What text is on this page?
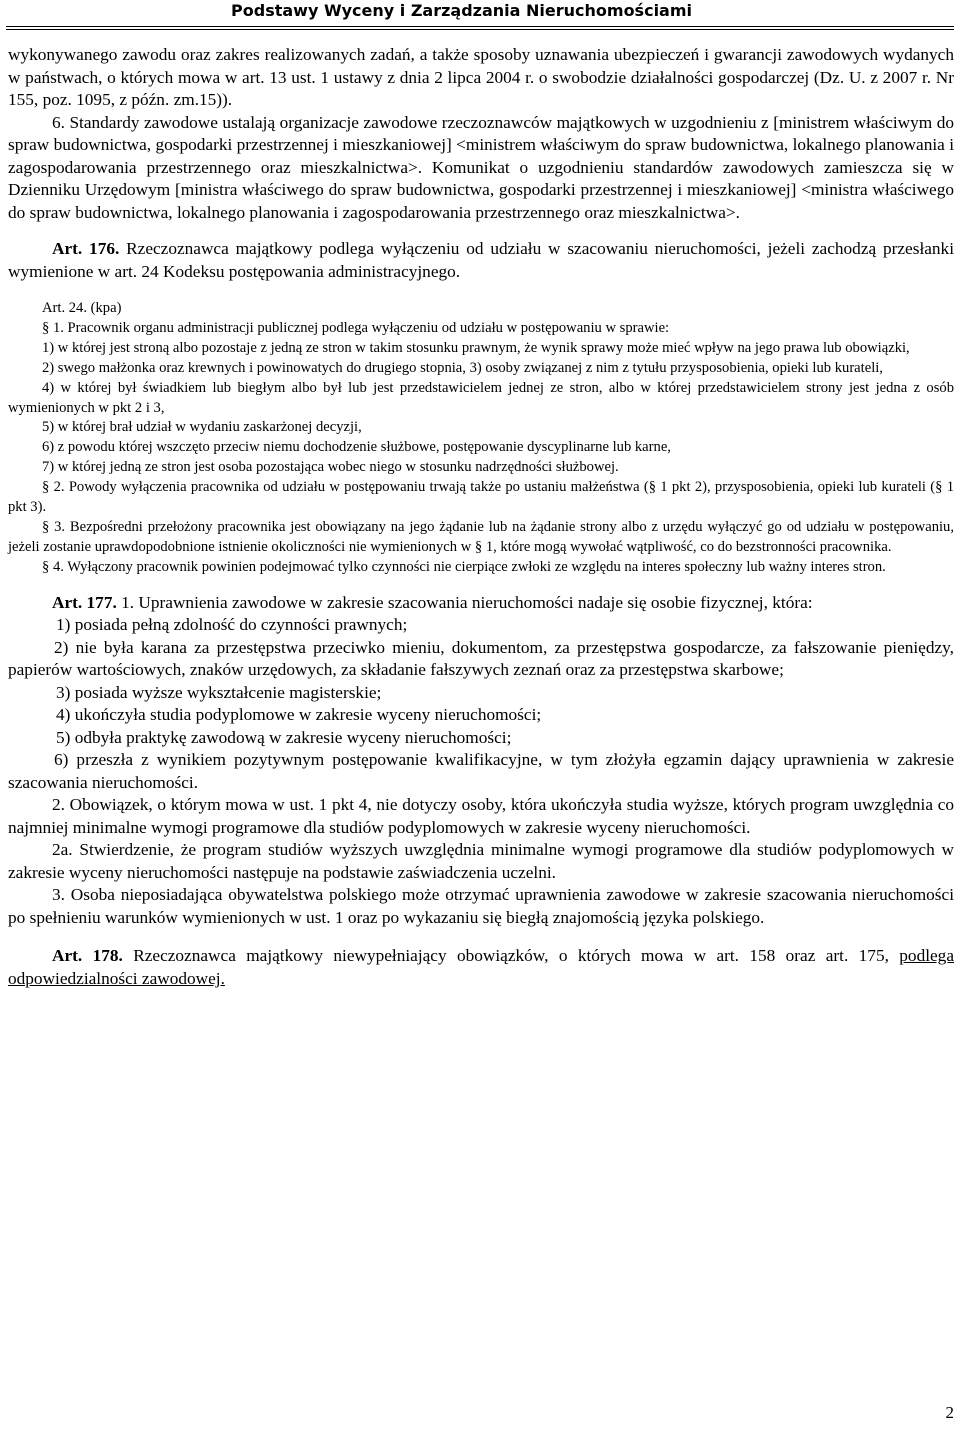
Podstawy Wyceny i Zarządzania Nieruchomościami

wykonywanego zawodu oraz zakres realizowanych zadań, a także sposoby uznawania ubezpieczeń i gwarancji zawodowych wydanych w państwach, o których mowa w art. 13 ust. 1 ustawy z dnia 2 lipca 2004 r. o swobodzie działalności gospodarczej (Dz. U. z 2007 r. Nr 155, poz. 1095, z późn. zm.15)).

6. Standardy zawodowe ustalają organizacje zawodowe rzeczoznawców majątkowych w uzgodnieniu z [ministrem właściwym do spraw budownictwa, gospodarki przestrzennej i mieszkaniowej] <ministrem właściwym do spraw budownictwa, lokalnego planowania i zagospodarowania przestrzennego oraz mieszkalnictwa>. Komunikat o uzgodnieniu standardów zawodowych zamieszcza się w Dzienniku Urzędowym [ministra właściwego do spraw budownictwa, gospodarki przestrzennej i mieszkaniowej] <ministra właściwego do spraw budownictwa, lokalnego planowania i zagospodarowania przestrzennego oraz mieszkalnictwa>.

Art. 176. Rzeczoznawca majątkowy podlega wyłączeniu od udziału w szacowaniu nieruchomości, jeżeli zachodzą przesłanki wymienione w art. 24 Kodeksu postępowania administracyjnego.

Art. 24. (kpa)

§ 1. Pracownik organu administracji publicznej podlega wyłączeniu od udziału w postępowaniu w sprawie:

1) w której jest stroną albo pozostaje z jedną ze stron w takim stosunku prawnym, że wynik sprawy może mieć wpływ na jego prawa lub obowiązki,

2) swego małżonka oraz krewnych i powinowatych do drugiego stopnia, 3) osoby związanej z nim z tytułu przysposobienia, opieki lub kurateli,

4) w której był świadkiem lub biegłym albo był lub jest przedstawicielem jednej ze stron, albo w której przedstawicielem strony jest jedna z osób wymienionych w pkt 2 i 3,

5) w której brał udział w wydaniu zaskarżonej decyzji,

6) z powodu której wszczęto przeciw niemu dochodzenie służbowe, postępowanie dyscyplinarne lub karne,

7) w której jedną ze stron jest osoba pozostająca wobec niego w stosunku nadrzędności służbowej.

§ 2. Powody wyłączenia pracownika od udziału w postępowaniu trwają także po ustaniu małżeństwa (§ 1 pkt 2), przysposobienia, opieki lub kurateli (§ 1 pkt 3).

§ 3. Bezpośredni przełożony pracownika jest obowiązany na jego żądanie lub na żądanie strony albo z urzędu wyłączyć go od udziału w postępowaniu, jeżeli zostanie uprawdopodobnione istnienie okoliczności nie wymienionych w § 1, które mogą wywołać wątpliwość, co do bezstronności pracownika.

§ 4. Wyłączony pracownik powinien podejmować tylko czynności nie cierpiące zwłoki ze względu na interes społeczny lub ważny interes stron.

Art. 177. 1. Uprawnienia zawodowe w zakresie szacowania nieruchomości nadaje się osobie fizycznej, która:

1) posiada pełną zdolność do czynności prawnych;

2) nie była karana za przestępstwa przeciwko mieniu, dokumentom, za przestępstwa gospodarcze, za fałszowanie pieniędzy, papierów wartościowych, znaków urzędowych, za składanie fałszywych zeznań oraz za przestępstwa skarbowe;

3) posiada wyższe wykształcenie magisterskie;

4) ukończyła studia podyplomowe w zakresie wyceny nieruchomości;

5) odbyła praktykę zawodową w zakresie wyceny nieruchomości;

6) przeszła z wynikiem pozytywnym postępowanie kwalifikacyjne, w tym złożyła egzamin dający uprawnienia w zakresie szacowania nieruchomości.

2. Obowiązek, o którym mowa w ust. 1 pkt 4, nie dotyczy osoby, która ukończyła studia wyższe, których program uwzględnia co najmniej minimalne wymogi programowe dla studiów podyplomowych w zakresie wyceny nieruchomości.

2a. Stwierdzenie, że program studiów wyższych uwzględnia minimalne wymogi programowe dla studiów podyplomowych w zakresie wyceny nieruchomości następuje na podstawie zaświadczenia uczelni.

3. Osoba nieposiadająca obywatelstwa polskiego może otrzymać uprawnienia zawodowe w zakresie szacowania nieruchomości po spełnieniu warunków wymienionych w ust. 1 oraz po wykazaniu się biegłą znajomością języka polskiego.

Art. 178. Rzeczoznawca majątkowy niewypełniający obowiązków, o których mowa w art. 158 oraz art. 175, podlega odpowiedzialności zawodowej.

2
